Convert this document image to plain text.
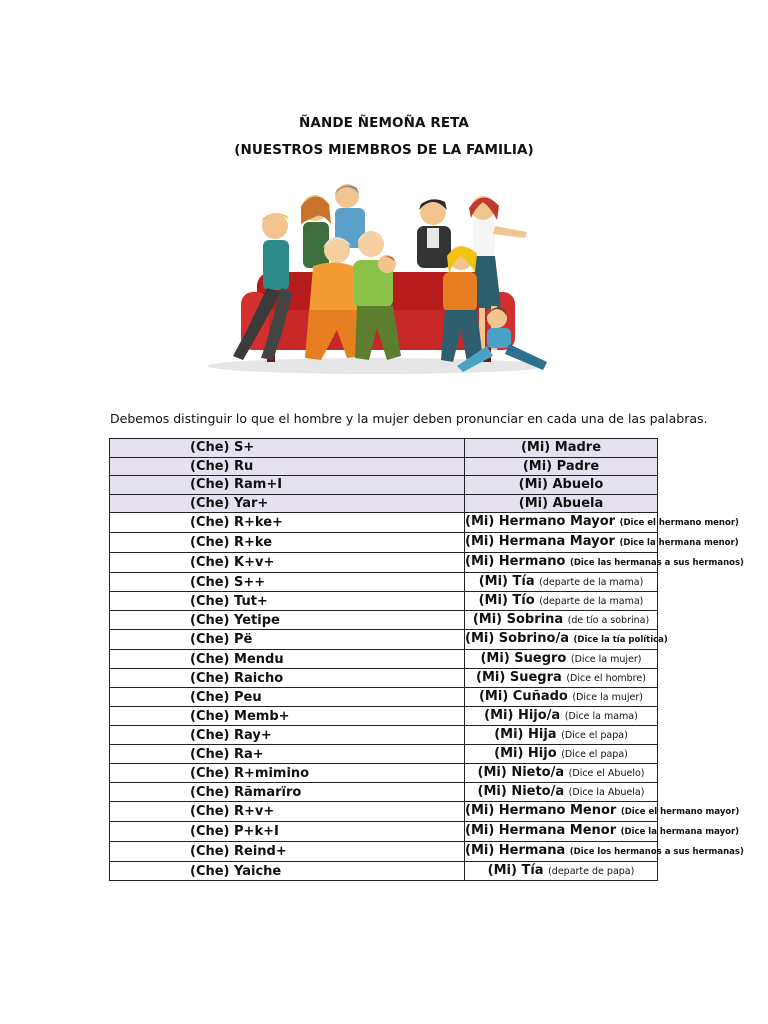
ÑANDE ÑEMOÑA RETA
(NUESTROS MIEMBROS DE LA FAMILIA)
Debemos distinguir lo que el hombre y la mujer deben pronunciar en cada una de las palabras.
(Che) S+	(Mi) Madre
(Che) Ru	(Mi) Padre
(Che) Ram+I	(Mi) Abuelo
(Che) Yar+	(Mi) Abuela
(Che) R+ke+	(Mi) Hermano Mayor (Dice el hermano menor)
(Che) R+ke	(Mi) Hermana Mayor (Dice la hermana menor)
(Che) K+v+	(Mi) Hermano (Dice las hermanas a sus hermanos)
(Che) S++	(Mi) Tía (departe de la mama)
(Che) Tut+	(Mi) Tío (departe de la mama)
(Che) Yetipe	(Mi) Sobrina (de tío a sobrina)
(Che) Pë	(Mi) Sobrino/a (Dice la tía política)
(Che) Mendu	(Mi) Suegro (Dice la mujer)
(Che) Raicho	(Mi) Suegra (Dice el hombre)
(Che) Peu	(Mi) Cuñado (Dice la mujer)
(Che) Memb+	(Mi) Hijo/a (Dice la mama)
(Che) Ray+	(Mi) Hija (Dice el papa)
(Che) Ra+	(Mi) Hijo (Dice el papa)
(Che) R+mimino	(Mi) Nieto/a (Dice el Abuelo)
(Che) Rãmarïro	(Mi) Nieto/a (Dice la Abuela)
(Che) R+v+	(Mi) Hermano Menor (Dice el hermano mayor)
(Che) P+k+I	(Mi) Hermana Menor (Dice la hermana mayor)
(Che) Reind+	(Mi) Hermana (Dice los hermanos a sus hermanas)
(Che) Yaiche	(Mi) Tía (departe de papa)
